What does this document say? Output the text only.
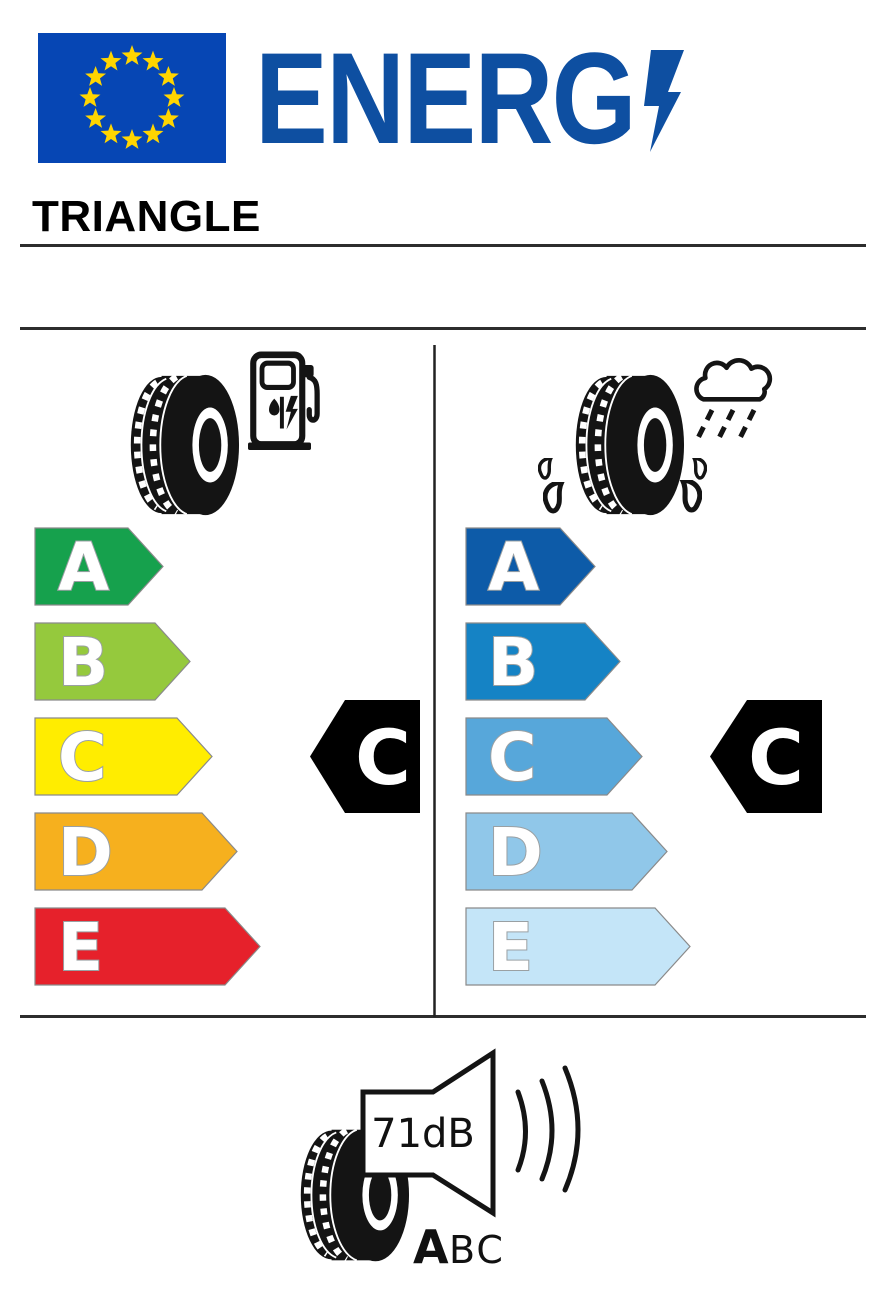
ENERG
TRIANGLE
A
B
C
D
E
C
A
B
C
D
E
C
71dB
A BC
